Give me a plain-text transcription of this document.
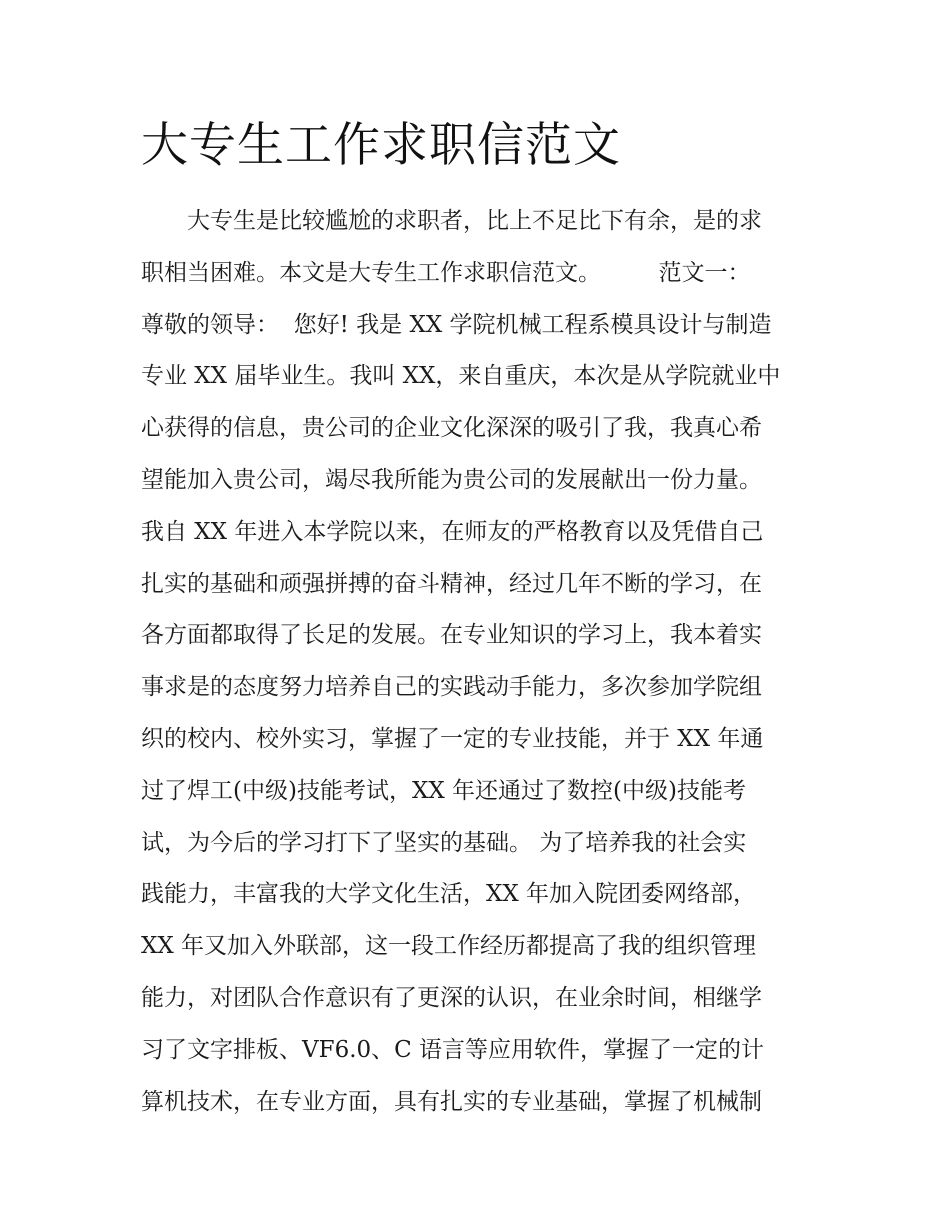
大专生工作求职信范文
　　大专生是比较尴尬的求职者，比上不足比下有余，是的求
职相当困难。本文是大专生工作求职信范文。　　　范文一：
尊敬的领导：  您好! 我是 XX 学院机械工程系模具设计与制造
专业 XX 届毕业生。我叫 XX，来自重庆，本次是从学院就业中
心获得的信息，贵公司的企业文化深深的吸引了我，我真心希
望能加入贵公司，竭尽我所能为贵公司的发展献出一份力量。
我自 XX 年进入本学院以来，在师友的严格教育以及凭借自己
扎实的基础和顽强拼搏的奋斗精神，经过几年不断的学习，在
各方面都取得了长足的发展。在专业知识的学习上，我本着实
事求是的态度努力培养自己的实践动手能力，多次参加学院组
织的校内、校外实习，掌握了一定的专业技能，并于 XX 年通
过了焊工(中级)技能考试，XX 年还通过了数控(中级)技能考
试，为今后的学习打下了坚实的基础。 为了培养我的社会实
践能力，丰富我的大学文化生活，XX 年加入院团委网络部，
XX 年又加入外联部，这一段工作经历都提高了我的组织管理
能力，对团队合作意识有了更深的认识，在业余时间，相继学
习了文字排板、VF6.0、C 语言等应用软件，掌握了一定的计
算机技术，在专业方面，具有扎实的专业基础，掌握了机械制
